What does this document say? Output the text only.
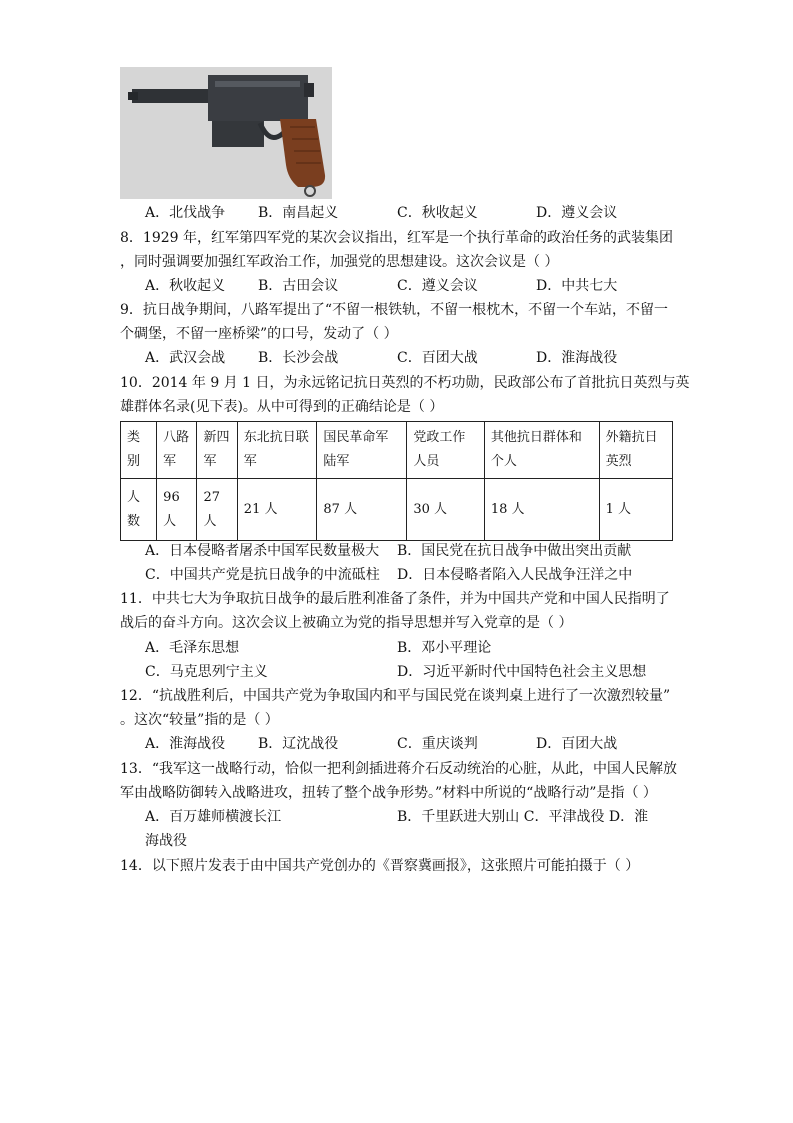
A．北伐战争 B．南昌起义	C．秋收起义	D．遵义会议
8．1929 年，红军第四军党的某次会议指出，红军是一个执行革命的政治任务的武装集团
，同时强调要加强红军政治工作，加强党的思想建设。这次会议是（ ）
A．秋收起义 B．古田会议	C．遵义会议	D．中共七大
9．抗日战争期间，八路军提出了“不留一根铁轨，不留一根枕木，不留一个车站，不留一
个碉堡，不留一座桥梁”的口号，发动了（ ）
A．武汉会战 B．长沙会战	C．百团大战	D．淮海战役
10．2014 年 9 月 1 日，为永远铭记抗日英烈的不朽功勋，民政部公布了首批抗日英烈与英
雄群体名录(见下表)。从中可得到的正确结论是（ ）
类别	八路军	新四军	东北抗日联军	国民革命军陆军	党政工作人员	其他抗日群体和个人	外籍抗日英烈
人数	96人	27人	21 人	87 人	30 人	18 人	1 人
A．日本侵略者屠杀中国军民数量极大 B．国民党在抗日战争中做出突出贡献
C．中国共产党是抗日战争的中流砥柱 D．日本侵略者陷入人民战争汪洋之中
11．中共七大为争取抗日战争的最后胜利准备了条件，并为中国共产党和中国人民指明了
战后的奋斗方向。这次会议上被确立为党的指导思想并写入党章的是（ ）
A．毛泽东思想	B．邓小平理论
C．马克思列宁主义	D．习近平新时代中国特色社会主义思想
12．“抗战胜利后，中国共产党为争取国内和平与国民党在谈判桌上进行了一次激烈较量”
。这次“较量”指的是（ ）
A．淮海战役 B．辽沈战役	C．重庆谈判	D．百团大战
13．“我军这一战略行动，恰似一把利剑插进蒋介石反动统治的心脏，从此，中国人民解放
军由战略防御转入战略进攻，扭转了整个战争形势。”材料中所说的“战略行动”是指（ ）
A．百万雄师横渡长江	B．千里跃进大别山 C．平津战役 D．淮
海战役
14．以下照片发表于由中国共产党创办的《晋察冀画报》，这张照片可能拍摄于（ ）
